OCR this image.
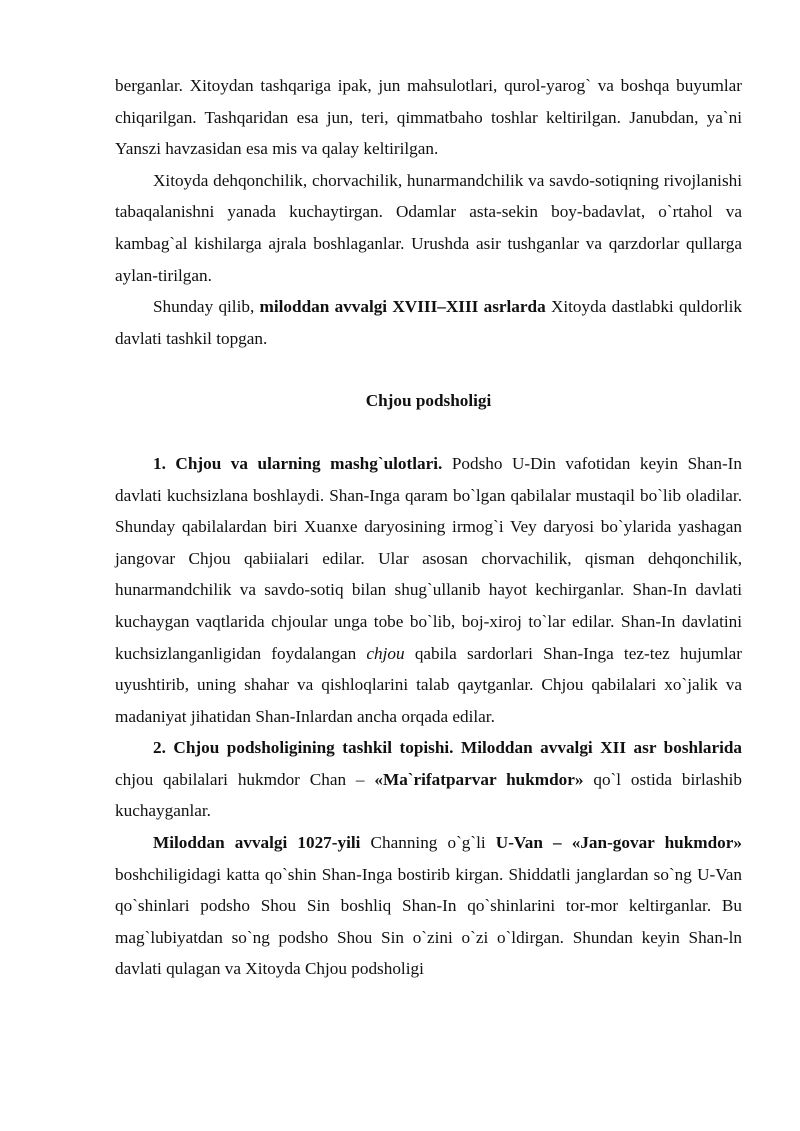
berganlar. Xitoydan tashqariga ipak, jun mahsulotlari, qurol-yarog` va boshqa buyumlar chiqarilgan. Tashqaridan esa jun, teri, qimmatbaho toshlar keltirilgan. Janubdan, ya`ni Yanszi havzasidan esa mis va qalay keltirilgan.

Xitoyda dehqonchilik, chorvachilik, hunarmandchilik va savdo-sotiqning rivojlanishi tabaqalanishni yanada kuchaytirgan. Odamlar asta-sekin boy-badavlat, o`rtahol va kambag`al kishilarga ajrala boshlaganlar. Urushda asir tushganlar va qarzdorlar qullarga aylan-tirilgan.

Shunday qilib, miloddan avvalgi XVIII–XIII asrlarda Xitoyda dastlabki quldorlik davlati tashkil topgan.

Chjou podsholigi

1. Chjou va ularning mashg`ulotlari. Podsho U-Din vafotidan keyin Shan-In davlati kuchsizlana boshlaydi. Shan-Inga qaram bo`lgan qabilalar mustaqil bo`lib oladilar. Shunday qabilalardan biri Xuanxe daryosining irmog`i Vey daryosi bo`ylarida yashagan jangovar Chjou qabiialari edilar. Ular asosan chorvachilik, qisman dehqonchilik, hunarmandchilik va savdo-sotiq bilan shug`ullanib hayot kechirganlar. Shan-In davlati kuchaygan vaqtlarida chjoular unga tobe bo`lib, boj-xiroj to`lar edilar. Shan-In davlatini kuchsizlanganligidan foydalangan chjou qabila sardorlari Shan-Inga tez-tez hujumlar uyushtirib, uning shahar va qishloqlarini talab qaytganlar. Chjou qabilalari xo`jalik va madaniyat jihatidan Shan-Inlardan ancha orqada edilar.

2. Chjou podsholigining tashkil topishi. Miloddan avvalgi XII asr boshlarida chjou qabilalari hukmdor Chan – «Ma`rifatparvar hukmdor» qo`l ostida birlashib kuchayganlar.

Miloddan avvalgi 1027-yili Channing o`g`li U-Van – «Jan-govar hukmdor» boshchiligidagi katta qo`shin Shan-Inga bostirib kirgan. Shiddatli janglardan so`ng U-Van qo`shinlari podsho Shou Sin boshliq Shan-In qo`shinlarini tor-mor keltirganlar. Bu mag`lubiyatdan so`ng podsho Shou Sin o`zini o`zi o`ldirgan. Shundan keyin Shan-ln davlati qulagan va Xitoyda Chjou podsholigi
